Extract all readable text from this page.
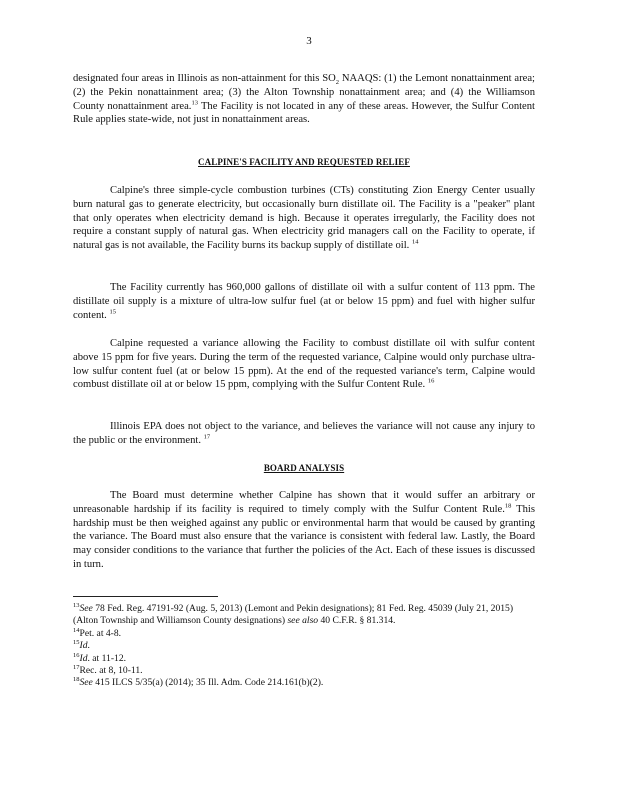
3

designated four areas in Illinois as non-attainment for this $SO_2$ NAAQS: (1) the Lemont nonattainment area; (2) the Pekin nonattainment area; (3) the Alton Township nonattainment area; and (4) the Williamson County nonattainment area.$^{13}$ The Facility is not located in any of these areas. However, the Sulfur Content Rule applies state-wide, not just in nonattainment areas.

CALPINE'S FACILITY AND REQUESTED RELIEF

Calpine's three simple-cycle combustion turbines (CTs) constituting Zion Energy Center usually burn natural gas to generate electricity, but occasionally burn distillate oil. The Facility is a "peaker" plant that only operates when electricity demand is high. Because it operates irregularly, the Facility does not require a constant supply of natural gas. When electricity grid managers call on the Facility to operate, if natural gas is not available, the Facility burns its backup supply of distillate oil. $^{14}$

The Facility currently has 960,000 gallons of distillate oil with a sulfur content of 113 ppm. The distillate oil supply is a mixture of ultra-low sulfur fuel (at or below 15 ppm) and fuel with higher sulfur content. $^{15}$

Calpine requested a variance allowing the Facility to combust distillate oil with sulfur content above 15 ppm for five years. During the term of the requested variance, Calpine would only purchase ultra-low sulfur content fuel (at or below 15 ppm). At the end of the requested variance's term, Calpine would combust distillate oil at or below 15 ppm, complying with the Sulfur Content Rule. $^{16}$

Illinois EPA does not object to the variance, and believes the variance will not cause any injury to the public or the environment. $^{17}$

BOARD ANALYSIS

The Board must determine whether Calpine has shown that it would suffer an arbitrary or unreasonable hardship if its facility is required to timely comply with the Sulfur Content Rule.$^{18}$ This hardship must be then weighed against any public or environmental harm that would be caused by granting the variance. The Board must also ensure that the variance is consistent with federal law. Lastly, the Board may consider conditions to the variance that further the policies of the Act. Each of these issues is discussed in turn.

$^{13}$See 78 Fed. Reg. 47191-92 (Aug. 5, 2013) (Lemont and Pekin designations); 81 Fed. Reg. 45039 (July 21, 2015) (Alton Township and Williamson County designations) see also 40 C.F.R. § 81.314.

$^{14}$Pet. at 4-8.

$^{15}$Id.

$^{16}$Id. at 11-12.

$^{17}$Rec. at 8, 10-11.

$^{18}$See 415 ILCS 5/35(a) (2014); 35 Ill. Adm. Code 214.161(b)(2).
